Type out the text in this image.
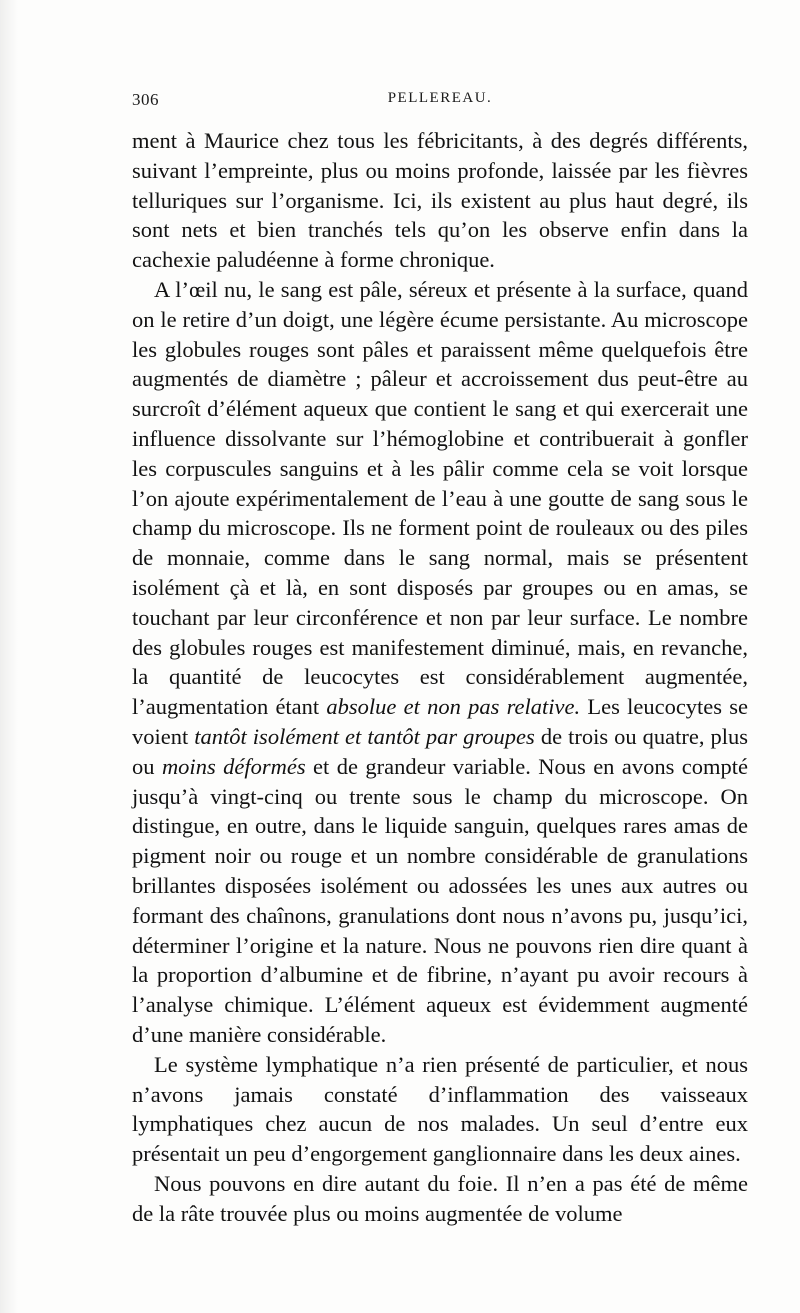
306	PELLEREAU.

ment à Maurice chez tous les fébricitants, à des degrés différents, suivant l’empreinte, plus ou moins profonde, laissée par les fièvres telluriques sur l’organisme. Ici, ils existent au plus haut degré, ils sont nets et bien tranchés tels qu’on les observe enfin dans la cachexie paludéenne à forme chronique.

A l’œil nu, le sang est pâle, séreux et présente à la surface, quand on le retire d’un doigt, une légère écume persistante. Au microscope les globules rouges sont pâles et paraissent même quelquefois être augmentés de diamètre ; pâleur et accroissement dus peut-être au surcroît d’élément aqueux que contient le sang et qui exercerait une influence dissolvante sur l’hémoglobine et contribuerait à gonfler les corpuscules sanguins et à les pâlir comme cela se voit lorsque l’on ajoute expérimentalement de l’eau à une goutte de sang sous le champ du microscope. Ils ne forment point de rouleaux ou des piles de monnaie, comme dans le sang normal, mais se présentent isolément çà et là, en sont disposés par groupes ou en amas, se touchant par leur circonférence et non par leur surface. Le nombre des globules rouges est manifestement diminué, mais, en revanche, la quantité de leucocytes est considérablement augmentée, l’augmentation étant absolue et non pas relative. Les leucocytes se voient tantôt isolément et tantôt par groupes de trois ou quatre, plus ou moins déformés et de grandeur variable. Nous en avons compté jusqu’à vingt-cinq ou trente sous le champ du microscope. On distingue, en outre, dans le liquide sanguin, quelques rares amas de pigment noir ou rouge et un nombre considérable de granulations brillantes disposées isolément ou adossées les unes aux autres ou formant des chaînons, granulations dont nous n’avons pu, jusqu’ici, déterminer l’origine et la nature. Nous ne pouvons rien dire quant à la proportion d’albumine et de fibrine, n’ayant pu avoir recours à l’analyse chimique. L’élément aqueux est évidemment augmenté d’une manière considérable.

Le système lymphatique n’a rien présenté de particulier, et nous n’avons jamais constaté d’inflammation des vaisseaux lymphatiques chez aucun de nos malades. Un seul d’entre eux présentait un peu d’engorgement ganglionnaire dans les deux aines.

Nous pouvons en dire autant du foie. Il n’en a pas été de même de la râte trouvée plus ou moins augmentée de volume
